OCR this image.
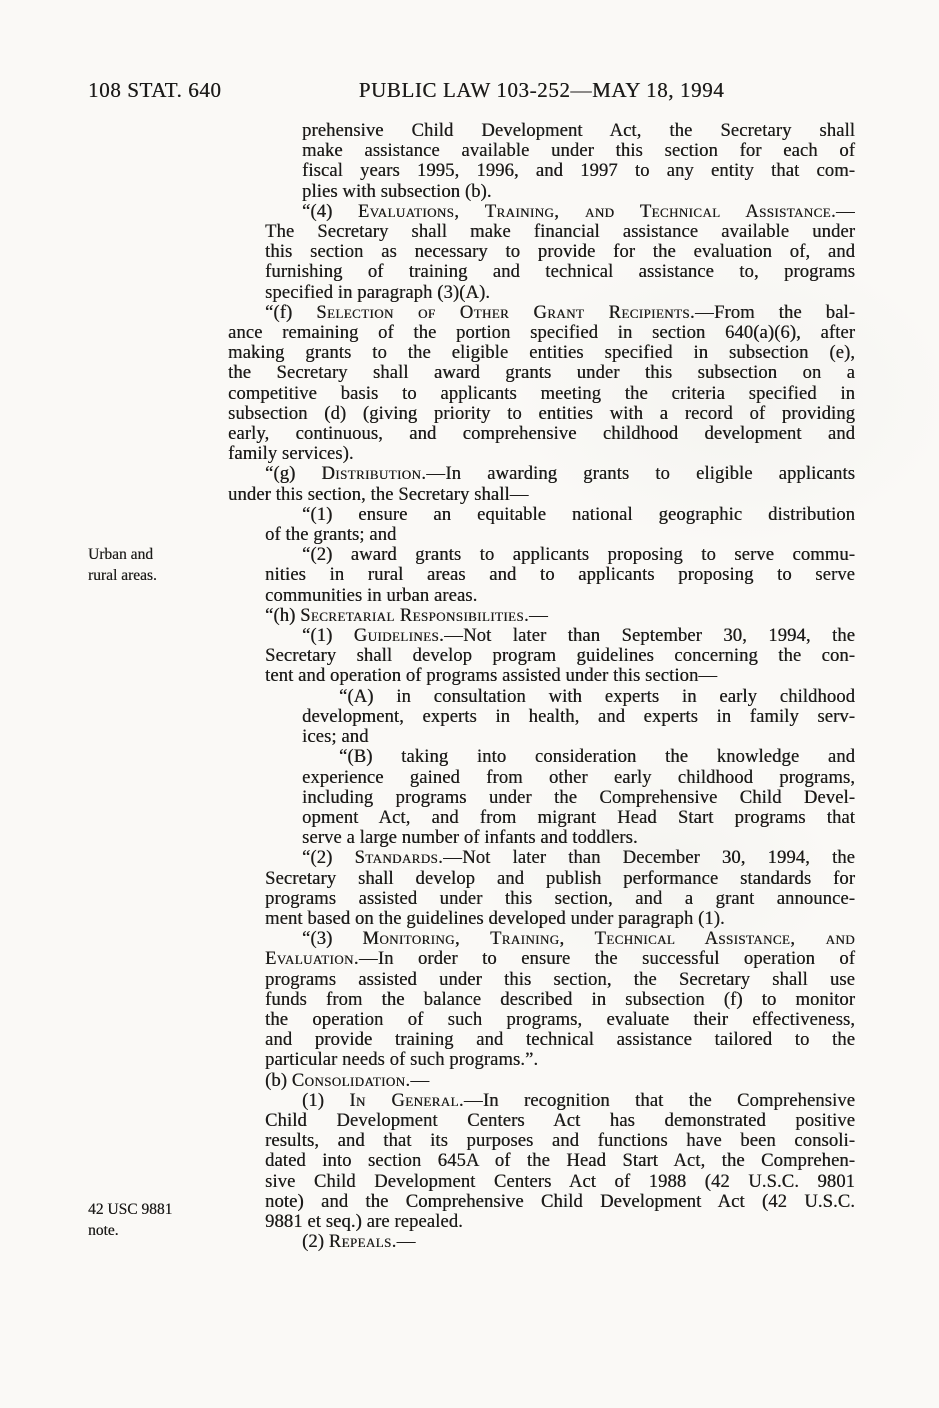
108 STAT. 640	PUBLIC LAW 103-252—MAY 18, 1994
Urban and
rural areas.
42 USC 9881
note.
prehensive Child Development Act, the Secretary shall
make assistance available under this section for each of
fiscal years 1995, 1996, and 1997 to any entity that com-
plies with subsection (b).
“(4) Evaluations, Training, and Technical Assistance.—
The Secretary shall make financial assistance available under
this section as necessary to provide for the evaluation of, and
furnishing of training and technical assistance to, programs
specified in paragraph (3)(A).
“(f) Selection of Other Grant Recipients.—From the bal-
ance remaining of the portion specified in section 640(a)(6), after
making grants to the eligible entities specified in subsection (e),
the Secretary shall award grants under this subsection on a
competitive basis to applicants meeting the criteria specified in
subsection (d) (giving priority to entities with a record of providing
early, continuous, and comprehensive childhood development and
family services).
“(g) Distribution.—In awarding grants to eligible applicants
under this section, the Secretary shall—
“(1) ensure an equitable national geographic distribution
of the grants; and
“(2) award grants to applicants proposing to serve commu-
nities in rural areas and to applicants proposing to serve
communities in urban areas.
“(h) Secretarial Responsibilities.—
“(1) Guidelines.—Not later than September 30, 1994, the
Secretary shall develop program guidelines concerning the con-
tent and operation of programs assisted under this section—
“(A) in consultation with experts in early childhood
development, experts in health, and experts in family serv-
ices; and
“(B) taking into consideration the knowledge and
experience gained from other early childhood programs,
including programs under the Comprehensive Child Devel-
opment Act, and from migrant Head Start programs that
serve a large number of infants and toddlers.
“(2) Standards.—Not later than December 30, 1994, the
Secretary shall develop and publish performance standards for
programs assisted under this section, and a grant announce-
ment based on the guidelines developed under paragraph (1).
“(3) Monitoring, Training, Technical Assistance, and
Evaluation.—In order to ensure the successful operation of
programs assisted under this section, the Secretary shall use
funds from the balance described in subsection (f) to monitor
the operation of such programs, evaluate their effectiveness,
and provide training and technical assistance tailored to the
particular needs of such programs.”.
(b) Consolidation.—
(1) In General.—In recognition that the Comprehensive
Child Development Centers Act has demonstrated positive
results, and that its purposes and functions have been consoli-
dated into section 645A of the Head Start Act, the Comprehen-
sive Child Development Centers Act of 1988 (42 U.S.C. 9801
note) and the Comprehensive Child Development Act (42 U.S.C.
9881 et seq.) are repealed.
(2) Repeals.—
